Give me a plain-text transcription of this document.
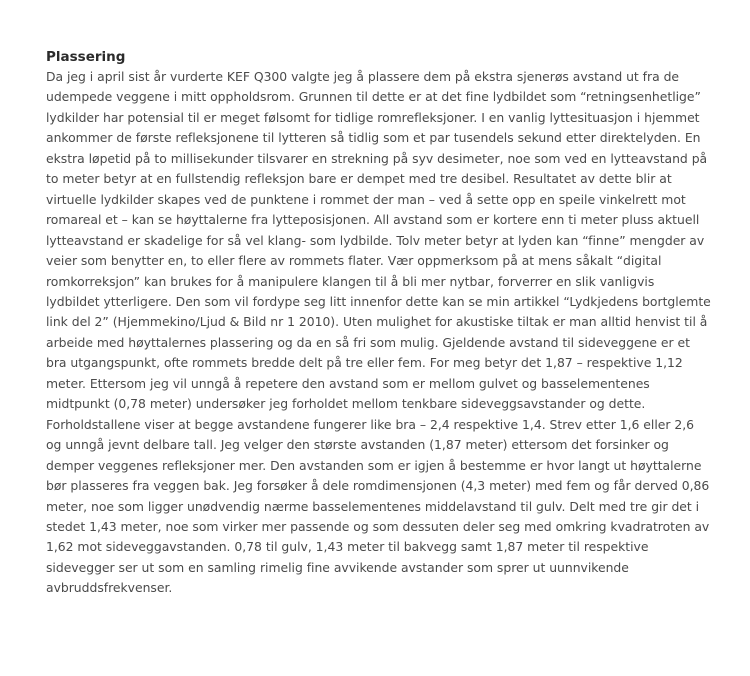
Plassering

Da jeg i april sist år vurderte KEF Q300 valgte jeg å plassere dem på ekstra sjenerøs avstand ut fra de udempede veggene i mitt oppholdsrom. Grunnen til dette er at det fine lydbildet som “retningsenhetlige” lydkilder har potensial til er meget følsomt for tidlige romrefleksjoner. I en vanlig lyttesituasjon i hjemmet ankommer de første refleksjonene til lytteren så tidlig som et par tusendels sekund etter direktelyden. En ekstra løpetid på to millisekunder tilsvarer en strekning på syv desimeter, noe som ved en lytteavstand på to meter betyr at en fullstendig refleksjon bare er dempet med tre desibel. Resultatet av dette blir at virtuelle lydkilder skapes ved de punktene i rommet der man – ved å sette opp en speile vinkelrett mot romareal et – kan se høyttalerne fra lytteposisjonen. All avstand som er kortere enn ti meter pluss aktuell lytteavstand er skadelige for så vel klang- som lydbilde. Tolv meter betyr at lyden kan “finne” mengder av veier som benytter en, to eller flere av rommets flater. Vær oppmerksom på at mens såkalt “digital romkorreksjon” kan brukes for å manipulere klangen til å bli mer nytbar, forverrer en slik vanligvis lydbildet ytterligere. Den som vil fordype seg litt innenfor dette kan se min artikkel “Lydkjedens bortglemte link del 2” (Hjemmekino/Ljud & Bild nr 1 2010). Uten mulighet for akustiske tiltak er man alltid henvist til å arbeide med høyttalernes plassering og da en så fri som mulig. Gjeldende avstand til sideveggene er et bra utgangspunkt, ofte rommets bredde delt på tre eller fem. For meg betyr det 1,87 – respektive 1,12 meter. Ettersom jeg vil unngå å repetere den avstand som er mellom gulvet og basselementenes midtpunkt (0,78 meter) undersøker jeg forholdet mellom tenkbare sideveggsavstander og dette. Forholdstallene viser at begge avstandene fungerer like bra – 2,4 respektive 1,4. Strev etter 1,6 eller 2,6 og unngå jevnt delbare tall. Jeg velger den største avstanden (1,87 meter) ettersom det forsinker og demper veggenes refleksjoner mer. Den avstanden som er igjen å bestemme er hvor langt ut høyttalerne bør plasseres fra veggen bak. Jeg forsøker å dele romdimensjonen (4,3 meter) med fem og får derved 0,86 meter, noe som ligger unødvendig nærme basselementenes middelavstand til gulv. Delt med tre gir det i stedet 1,43 meter, noe som virker mer passende og som dessuten deler seg med omkring kvadratroten av 1,62 mot sideveggavstanden. 0,78 til gulv, 1,43 meter til bakvegg samt 1,87 meter til respektive sidevegger ser ut som en samling rimelig fine avvikende avstander som sprer ut uunnvikende avbruddsfrekvenser.
